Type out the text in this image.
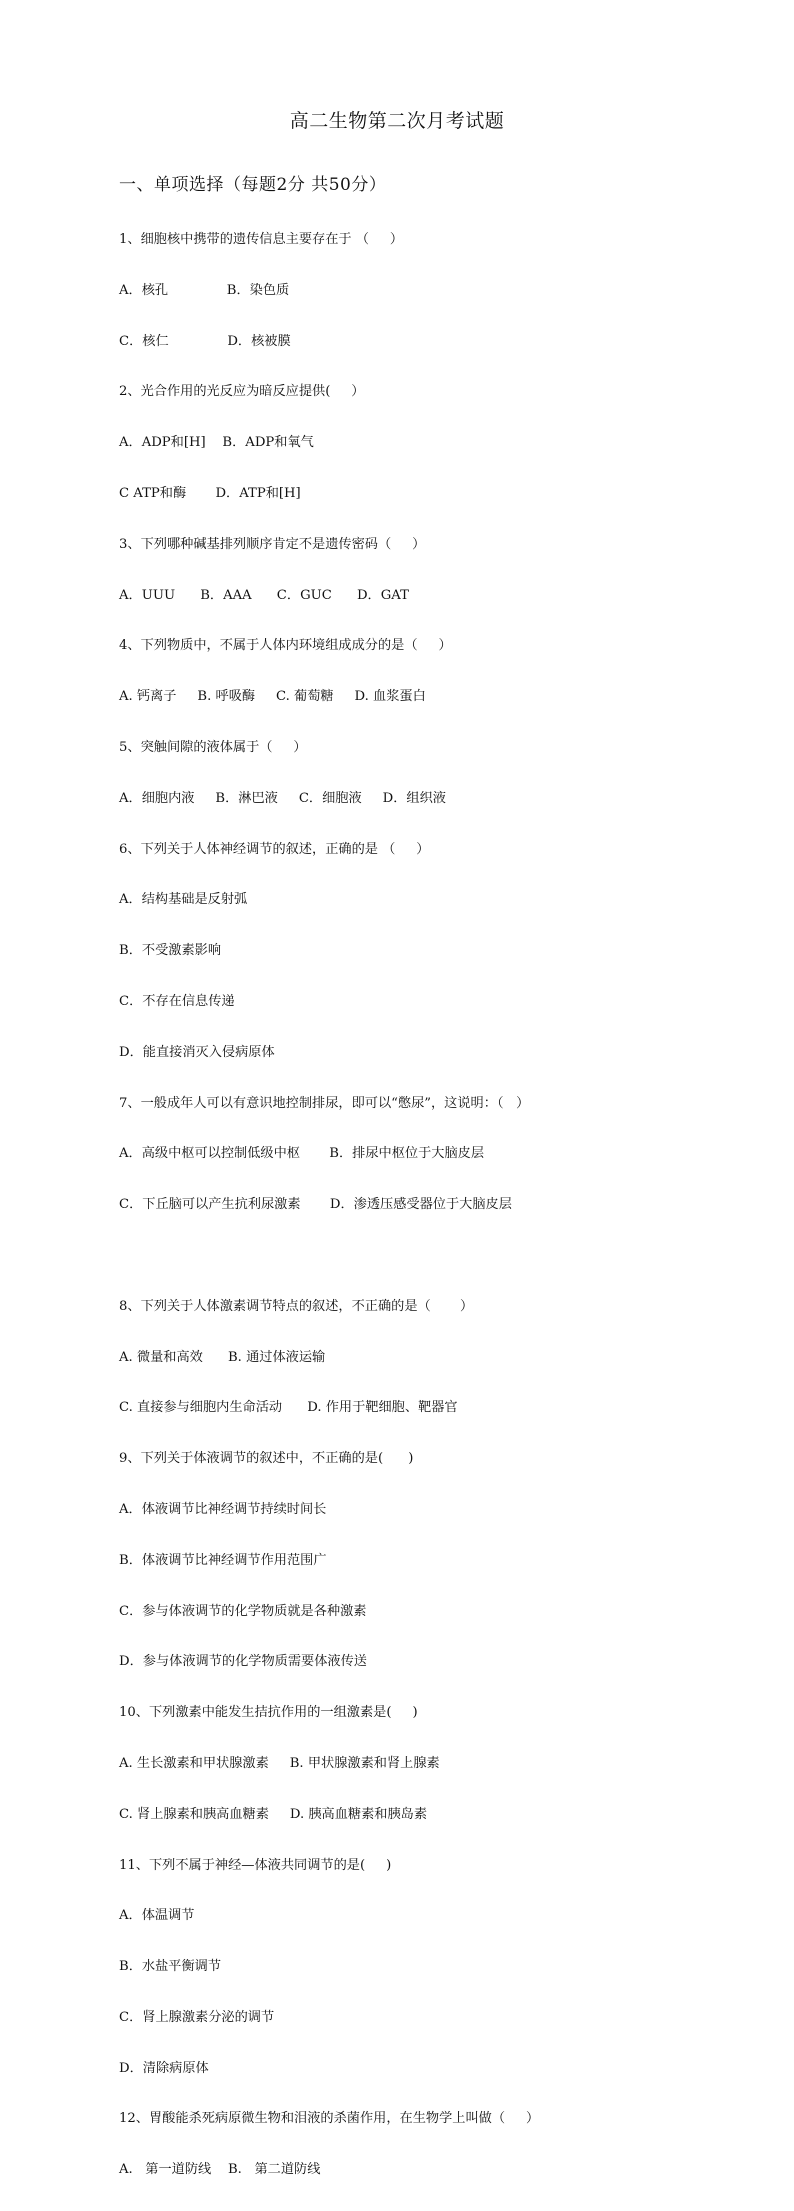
高二生物第二次月考试题
一、单项选择（每题2分 共50分）

1、细胞核中携带的遗传信息主要存在于 （     ）

A．核孔              B．染色质

C．核仁              D．核被膜

2、光合作用的光反应为暗反应提供(     ）

A．ADP和[H]    B．ADP和氧气

C ATP和酶       D．ATP和[H]

3、下列哪种碱基排列顺序肯定不是遗传密码（     ）

A．UUU      B．AAA      C．GUC      D．GAT

4、下列物质中，不属于人体内环境组成成分的是（     ）

A. 钙离子     B. 呼吸酶     C. 葡萄糖     D. 血浆蛋白

5、突触间隙的液体属于（     ）

A．细胞内液     B．淋巴液     C．细胞液     D．组织液

6、下列关于人体神经调节的叙述，正确的是 （     ）

A．结构基础是反射弧

B．不受激素影响

C．不存在信息传递

D．能直接消灭入侵病原体

7、一般成年人可以有意识地控制排尿，即可以“憋尿”，这说明：（   ）

A．高级中枢可以控制低级中枢       B．排尿中枢位于大脑皮层

C．下丘脑可以产生抗利尿激素       D．渗透压感受器位于大脑皮层

8、下列关于人体激素调节特点的叙述，不正确的是（       ）

A. 微量和高效      B. 通过体液运输

C. 直接参与细胞内生命活动      D. 作用于靶细胞、靶器官

9、下列关于体液调节的叙述中，不正确的是(      )

A．体液调节比神经调节持续时间长

B．体液调节比神经调节作用范围广

C．参与体液调节的化学物质就是各种激素

D．参与体液调节的化学物质需要体液传送

10、下列激素中能发生拮抗作用的一组激素是(     )

A. 生长激素和甲状腺激素     B. 甲状腺激素和肾上腺素

C. 肾上腺素和胰高血糖素     D. 胰高血糖素和胰岛素

11、下列不属于神经—体液共同调节的是(     )

A．体温调节

B．水盐平衡调节

C．肾上腺激素分泌的调节

D．清除病原体

12、胃酸能杀死病原微生物和泪液的杀菌作用，在生物学上叫做（     ）

A.   第一道防线    B.   第二道防线
